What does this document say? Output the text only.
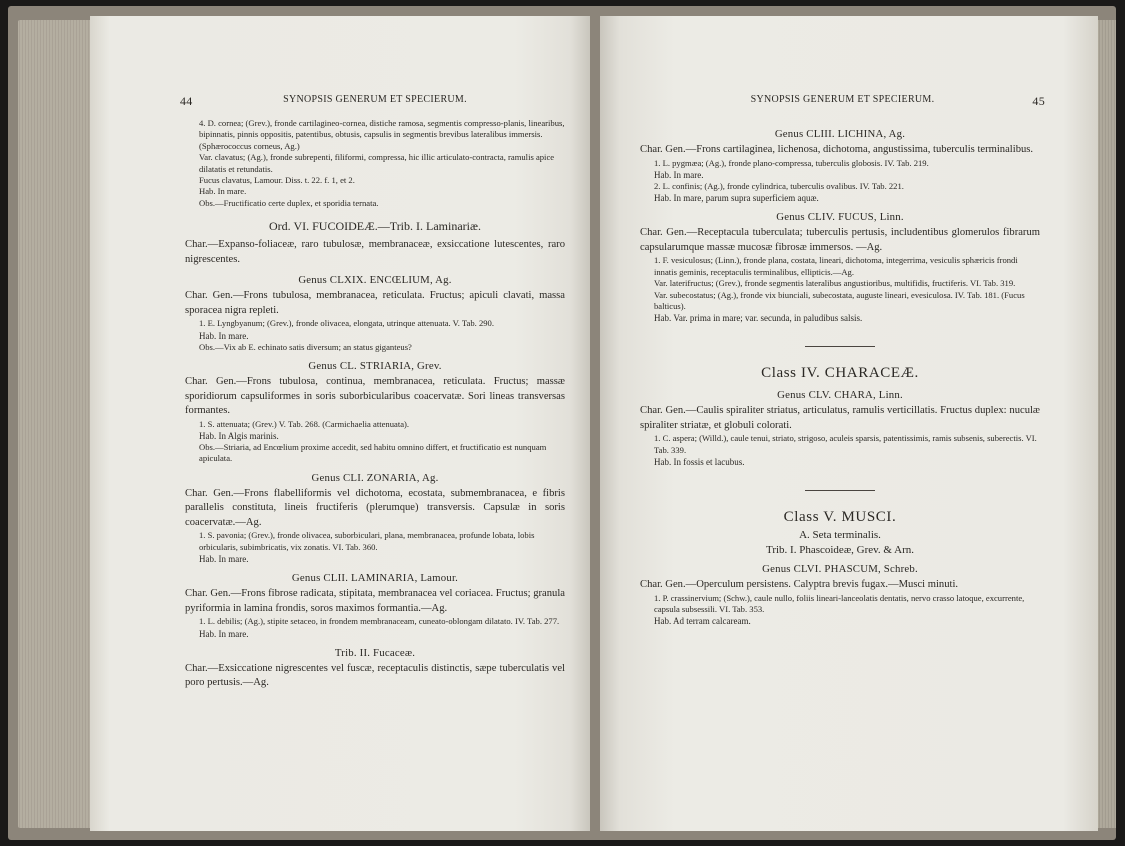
44	SYNOPSIS GENERUM ET SPECIERUM.

4. D. cornea; (Grev.), fronde cartilagineo-cornea, distiche ramosa, segmentis compresso-planis, linearibus, bipinnatis, pinnis oppositis, patentibus, obtusis, capsulis in segmentis brevibus lateralibus immersis. (Sphærococcus corneus, Ag.)

Var. clavatus; (Ag.), fronde subrepenti, filiformi, compressa, hic illic articulato-contracta, ramulis apice dilatatis et retundatis.

Fucus clavatus, Lamour. Diss. t. 22. f. 1, et 2.

Hab. In mare.

Obs.—Fructificatio certe duplex, et sporidia ternata.

Ord. VI. FUCOIDEÆ.—Trib. I. Laminariæ.

Char.—Expanso-foliaceæ, raro tubulosæ, membranaceæ, exsiccatione lutescentes, raro nigrescentes.

Genus CLXIX. ENCŒLIUM, Ag.

Char. Gen.—Frons tubulosa, membranacea, reticulata. Fructus; apiculi clavati, massa sporacea nigra repleti.

1. E. Lyngbyanum; (Grev.), fronde olivacea, elongata, utrinque attenuata. V. Tab. 290.

Hab. In mare.

Obs.—Vix ab E. echinato satis diversum; an status giganteus?

Genus CL. STRIARIA, Grev.

Char. Gen.—Frons tubulosa, continua, membranacea, reticulata. Fructus; massæ sporidiorum capsuliformes in soris suborbicularibus coacervatæ. Sori lineas transversas formantes.

1. S. attenuata; (Grev.) V. Tab. 268. (Carmichaelia attenuata).

Hab. In Algis marinis.

Obs.—Striaria, ad Encœlium proxime accedit, sed habitu omnino differt, et fructificatio est nunquam apiculata.

Genus CLI. ZONARIA, Ag.

Char. Gen.—Frons flabelliformis vel dichotoma, ecostata, submembranacea, e fibris parallelis constituta, lineis fructiferis (plerumque) transversis. Capsulæ in soris coacervatæ.—Ag.

1. S. pavonia; (Grev.), fronde olivacea, suborbiculari, plana, membranacea, profunde lobata, lobis orbicularis, subimbricatis, vix zonatis. VI. Tab. 360.

Hab. In mare.

Genus CLII. LAMINARIA, Lamour.

Char. Gen.—Frons fibrose radicata, stipitata, membranacea vel coriacea. Fructus; granula pyriformia in lamina frondis, soros maximos formantia.—Ag.

1. L. debilis; (Ag.), stipite setaceo, in frondem membranaceam, cuneato-oblongam dilatato. IV. Tab. 277.

Hab. In mare.

Trib. II. Fucaceæ.

Char.—Exsiccatione nigrescentes vel fuscæ, receptaculis distinctis, sæpe tuberculatis vel poro pertusis.—Ag.

SYNOPSIS GENERUM ET SPECIERUM.	45

Genus CLIII. LICHINA, Ag.

Char. Gen.—Frons cartilaginea, lichenosa, dichotoma, angustissima, tuberculis terminalibus.

1. L. pygmæa; (Ag.), fronde plano-compressa, tuberculis globosis. IV. Tab. 219.

Hab. In mare.

2. L. confinis; (Ag.), fronde cylindrica, tuberculis ovalibus. IV. Tab. 221.

Hab. In mare, parum supra superficiem aquæ.

Genus CLIV. FUCUS, Linn.

Char. Gen.—Receptacula tuberculata; tuberculis pertusis, includentibus glomerulos fibrarum capsularumque massæ mucosæ fibrosæ immersos. —Ag.

1. F. vesiculosus; (Linn.), fronde plana, costata, lineari, dichotoma, integerrima, vesiculis sphæricis frondi innatis geminis, receptaculis terminalibus, ellipticis.—Ag.

Var. laterifructus; (Grev.), fronde segmentis lateralibus angustioribus, multifidis, fructiferis. VI. Tab. 319.

Var. subecostatus; (Ag.), fronde vix biunciali, subecostata, auguste lineari, evesiculosa. IV. Tab. 181. (Fucus balticus).

Hab. Var. prima in mare; var. secunda, in paludibus salsis.

Class IV. CHARACEÆ.

Genus CLV. CHARA, Linn.

Char. Gen.—Caulis spiraliter striatus, articulatus, ramulis verticillatis. Fructus duplex: nuculæ spiraliter striatæ, et globuli colorati.

1. C. aspera; (Willd.), caule tenui, striato, strigoso, aculeis sparsis, patentissimis, ramis subsenis, suberectis. VI. Tab. 339.

Hab. In fossis et lacubus.

Class V. MUSCI.

A. Seta terminalis.

Trib. I. Phascoideæ, Grev. & Arn.

Genus CLVI. PHASCUM, Schreb.

Char. Gen.—Operculum persistens. Calyptra brevis fugax.—Musci minuti.

1. P. crassinervium; (Schw.), caule nullo, foliis lineari-lanceolatis dentatis, nervo crasso latoque, excurrente, capsula subsessili. VI. Tab. 353.

Hab. Ad terram calcaream.
